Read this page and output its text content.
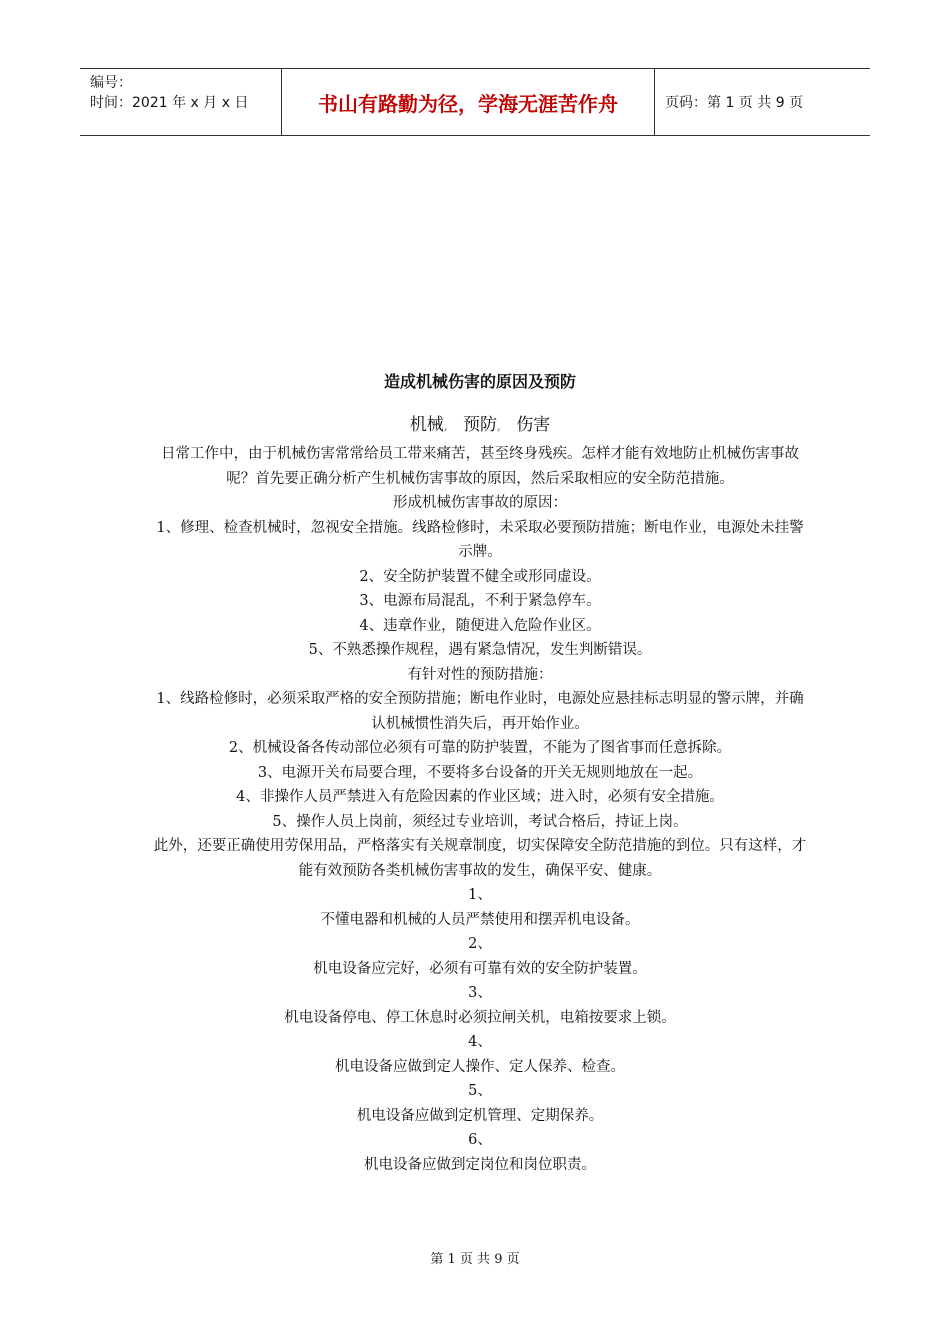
编号：
时间：2021 年 x 月 x 日	书山有路勤为径，学海无涯苦作舟	页码：第 1 页 共 9 页
造成机械伤害的原因及预防
机械, 预防, 伤害

日常工作中，由于机械伤害常常给员工带来痛苦，甚至终身残疾。怎样才能有效地防止机械伤害事故呢？首先要正确分析产生机械伤害事故的原因，然后采取相应的安全防范措施。

形成机械伤害事故的原因：

1、修理、检查机械时，忽视安全措施。线路检修时，未采取必要预防措施；断电作业，电源处未挂警示牌。

2、安全防护装置不健全或形同虚设。

3、电源布局混乱，不利于紧急停车。

4、违章作业，随便进入危险作业区。

5、不熟悉操作规程，遇有紧急情况，发生判断错误。

有针对性的预防措施：

1、线路检修时，必须采取严格的安全预防措施；断电作业时，电源处应悬挂标志明显的警示牌，并确认机械惯性消失后，再开始作业。

2、机械设备各传动部位必须有可靠的防护装置，不能为了图省事而任意拆除。

3、电源开关布局要合理，不要将多台设备的开关无规则地放在一起。

4、非操作人员严禁进入有危险因素的作业区域；进入时，必须有安全措施。

5、操作人员上岗前，须经过专业培训，考试合格后，持证上岗。

此外，还要正确使用劳保用品，严格落实有关规章制度，切实保障安全防范措施的到位。只有这样，才能有效预防各类机械伤害事故的发生，确保平安、健康。

1、

不懂电器和机械的人员严禁使用和摆弄机电设备。

2、

机电设备应完好，必须有可靠有效的安全防护装置。

3、

机电设备停电、停工休息时必须拉闸关机，电箱按要求上锁。

4、

机电设备应做到定人操作、定人保养、检查。

5、

机电设备应做到定机管理、定期保养。

6、

机电设备应做到定岗位和岗位职责。

第 1 页 共 9 页
